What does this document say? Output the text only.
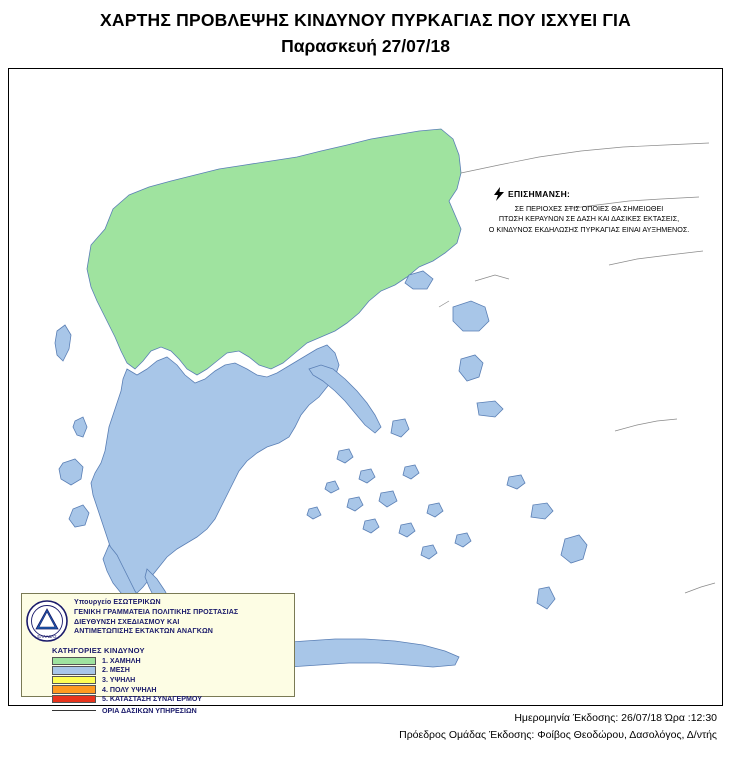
ΧΑΡΤΗΣ ΠΡΟΒΛΕΨΗΣ ΚΙΝΔΥΝΟΥ ΠΥΡΚΑΓΙΑΣ ΠΟΥ ΙΣΧΥΕΙ ΓΙΑ
Παρασκευή 27/07/18
ΕΠΙΣΗΜΑΝΣΗ:
ΣΕ ΠΕΡΙΟΧΕΣ ΣΤΙΣ ΟΠΟΙΕΣ ΘΑ ΣΗΜΕΙΩΘΕΙ
ΠΤΩΣΗ ΚΕΡΑΥΝΩΝ ΣΕ ΔΑΣΗ ΚΑΙ ΔΑΣΙΚΕΣ ΕΚΤΑΣΕΙΣ,
Ο ΚΙΝΔΥΝΟΣ ΕΚΔΗΛΩΣΗΣ ΠΥΡΚΑΓΙΑΣ ΕΙΝΑΙ ΑΥΞΗΜΕΝΟΣ.
ΕΛΛΑΔΑΣ
Υπουργείο ΕΣΩΤΕΡΙΚΩΝ
ΓΕΝΙΚΗ ΓΡΑΜΜΑΤΕΙΑ ΠΟΛΙΤΙΚΗΣ ΠΡΟΣΤΑΣΙΑΣ
ΔΙΕΥΘΥΝΣΗ ΣΧΕΔΙΑΣΜΟΥ ΚΑΙ
ΑΝΤΙΜΕΤΩΠΙΣΗΣ ΕΚΤΑΚΤΩΝ ΑΝΑΓΚΩΝ
ΚΑΤΗΓΟΡΙΕΣ ΚΙΝΔΥΝΟΥ
1. ΧΑΜΗΛΗ
2. ΜΕΣΗ
3. ΥΨΗΛΗ
4. ΠΟΛΥ ΥΨΗΛΗ
5. ΚΑΤΑΣΤΑΣΗ ΣΥΝΑΓΕΡΜΟΥ
ΟΡΙΑ ΔΑΣΙΚΩΝ ΥΠΗΡΕΣΙΩΝ
Ημερομηνία Έκδοσης: 26/07/18 Ώρα :12:30
Πρόεδρος Ομάδας Έκδοσης: Φοίβος Θεοδώρου, Δασολόγος, Δ/ντής
